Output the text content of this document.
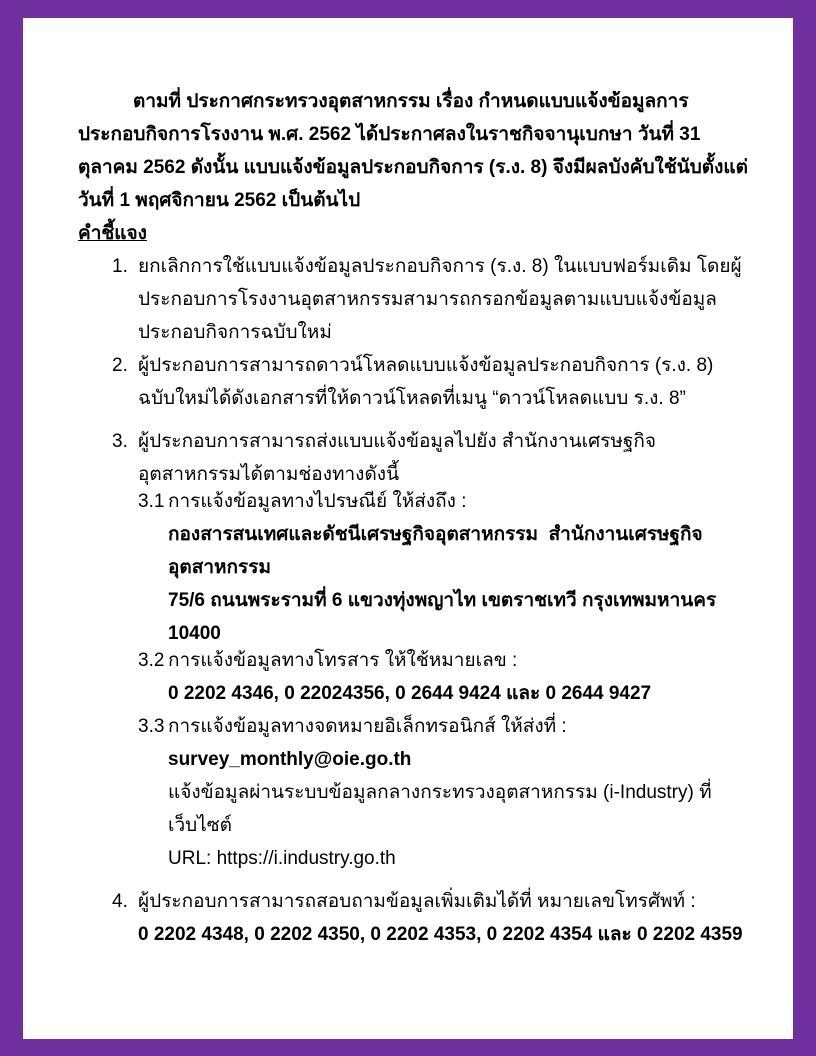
ตามที่ ประกาศกระทรวงอุตสาหกรรม เรื่อง กำหนดแบบแจ้งข้อมูลการประกอบกิจการโรงงาน พ.ศ. 2562 ได้ประกาศลงในราชกิจจานุเบกษา วันที่ 31 ตุลาคม 2562 ดังนั้น แบบแจ้งข้อมูลประกอบกิจการ (ร.ง. 8) จึงมีผลบังคับใช้นับตั้งแต่วันที่ 1 พฤศจิกายน 2562 เป็นต้นไป

คำชี้แจง

1. ยกเลิกการใช้แบบแจ้งข้อมูลประกอบกิจการ (ร.ง. 8) ในแบบฟอร์มเดิม โดยผู้ประกอบการโรงงานอุตสาหกรรมสามารถกรอกข้อมูลตามแบบแจ้งข้อมูลประกอบกิจการฉบับใหม่
2. ผู้ประกอบการสามารถดาวน์โหลดแบบแจ้งข้อมูลประกอบกิจการ (ร.ง. 8) ฉบับใหม่ได้ดังเอกสารที่ให้ดาวน์โหลดที่เมนู “ดาวน์โหลดแบบ ร.ง. 8”
3. ผู้ประกอบการสามารถส่งแบบแจ้งข้อมูลไปยัง สำนักงานเศรษฐกิจอุตสาหกรรมได้ตามช่องทางดังนี้
3.1 การแจ้งข้อมูลทางไปรษณีย์ ให้ส่งถึง :
กองสารสนเทศและดัชนีเศรษฐกิจอุตสาหกรรม  สำนักงานเศรษฐกิจอุตสาหกรรม
75/6 ถนนพระรามที่ 6 แขวงทุ่งพญาไท เขตราชเทวี กรุงเทพมหานคร 10400
3.2 การแจ้งข้อมูลทางโทรสาร ให้ใช้หมายเลข :
0 2202 4346, 0 22024356, 0 2644 9424 และ 0 2644 9427
3.3 การแจ้งข้อมูลทางจดหมายอิเล็กทรอนิกส์ ให้ส่งที่ :
survey_monthly@oie.go.th
แจ้งข้อมูลผ่านระบบข้อมูลกลางกระทรวงอุตสาหกรรม (i-Industry) ที่เว็บไซต์
URL: https://i.industry.go.th
4. ผู้ประกอบการสามารถสอบถามข้อมูลเพิ่มเติมได้ที่ หมายเลขโทรศัพท์ :
0 2202 4348, 0 2202 4350, 0 2202 4353, 0 2202 4354 และ 0 2202 4359
